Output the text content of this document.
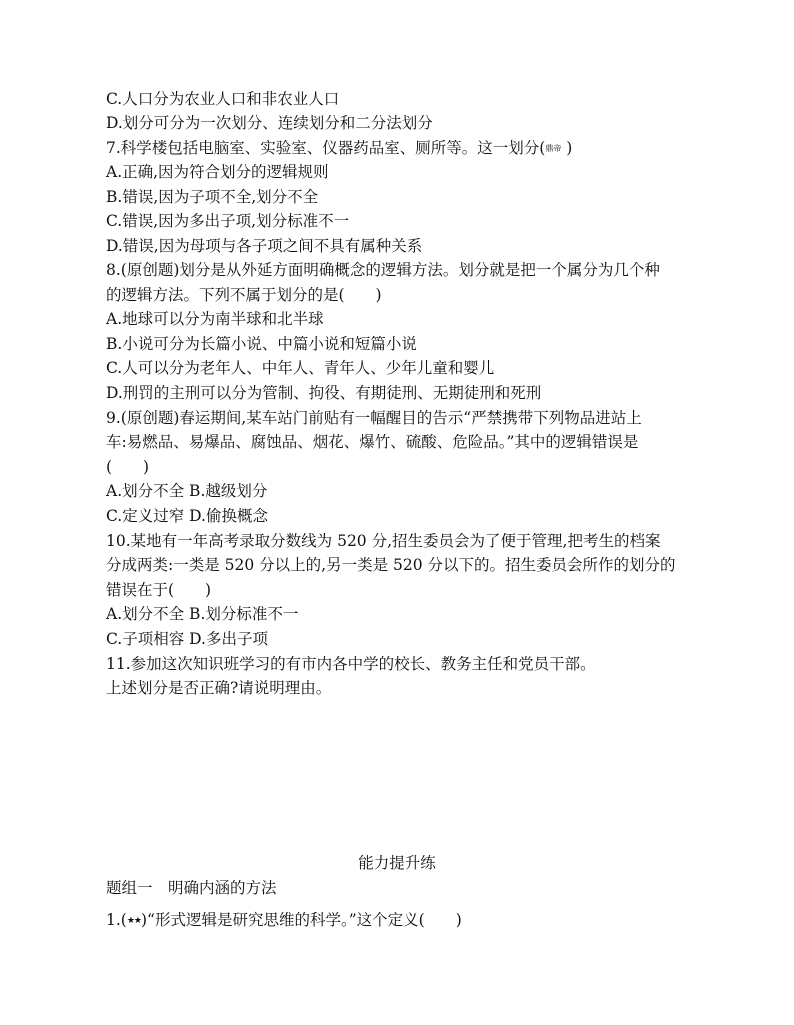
C.人口分为农业人口和非农业人口
D.划分可分为一次划分、连续划分和二分法划分
7.科学楼包括电脑室、实验室、仪器药品室、厕所等。这一划分(鼎帝 )
A.正确,因为符合划分的逻辑规则
B.错误,因为子项不全,划分不全
C.错误,因为多出子项,划分标准不一
D.错误,因为母项与各子项之间不具有属种关系
8.(原创题)划分是从外延方面明确概念的逻辑方法。划分就是把一个属分为几个种
的逻辑方法。下列不属于划分的是(　　)
A.地球可以分为南半球和北半球
B.小说可分为长篇小说、中篇小说和短篇小说
C.人可以分为老年人、中年人、青年人、少年儿童和婴儿
D.刑罚的主刑可以分为管制、拘役、有期徒刑、无期徒刑和死刑
9.(原创题)春运期间,某车站门前贴有一幅醒目的告示“严禁携带下列物品进站上
车:易燃品、易爆品、腐蚀品、烟花、爆竹、硫酸、危险品。”其中的逻辑错误是
(　　)
A.划分不全 B.越级划分
C.定义过窄 D.偷换概念
10.某地有一年高考录取分数线为 520 分,招生委员会为了便于管理,把考生的档案
分成两类:一类是 520 分以上的,另一类是 520 分以下的。招生委员会所作的划分的
错误在于(　　)
A.划分不全 B.划分标准不一
C.子项相容 D.多出子项
11.参加这次知识班学习的有市内各中学的校长、教务主任和党员干部。
上述划分是否正确?请说明理由。
能力提升练
题组一　明确内涵的方法
1.(★★)“形式逻辑是研究思维的科学。”这个定义(　　)
